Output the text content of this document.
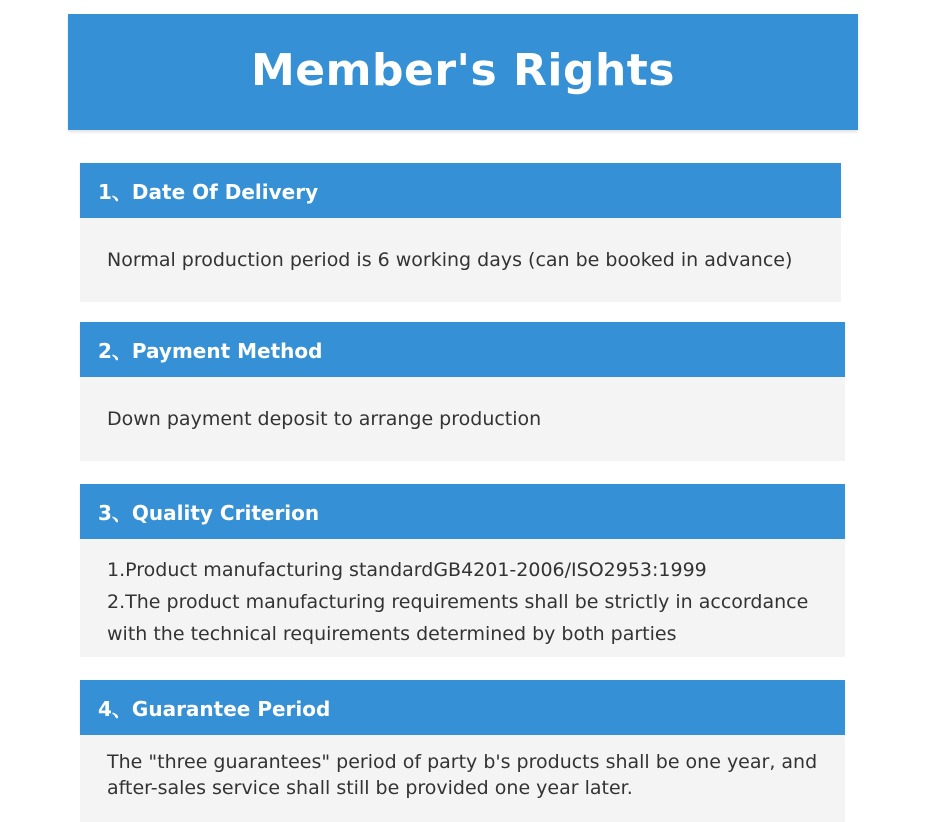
Member's Rights
1、Date Of Delivery
Normal production period is 6 working days (can be booked in advance)
2、Payment Method
Down payment deposit to arrange production
3、Quality Criterion
1.Product manufacturing standardGB4201-2006/ISO2953:1999
2.The product manufacturing requirements shall be strictly in accordance with the technical requirements determined by both parties
4、Guarantee Period
The "three guarantees" period of party b's products shall be one year, and after-sales service shall still be provided one year later.
